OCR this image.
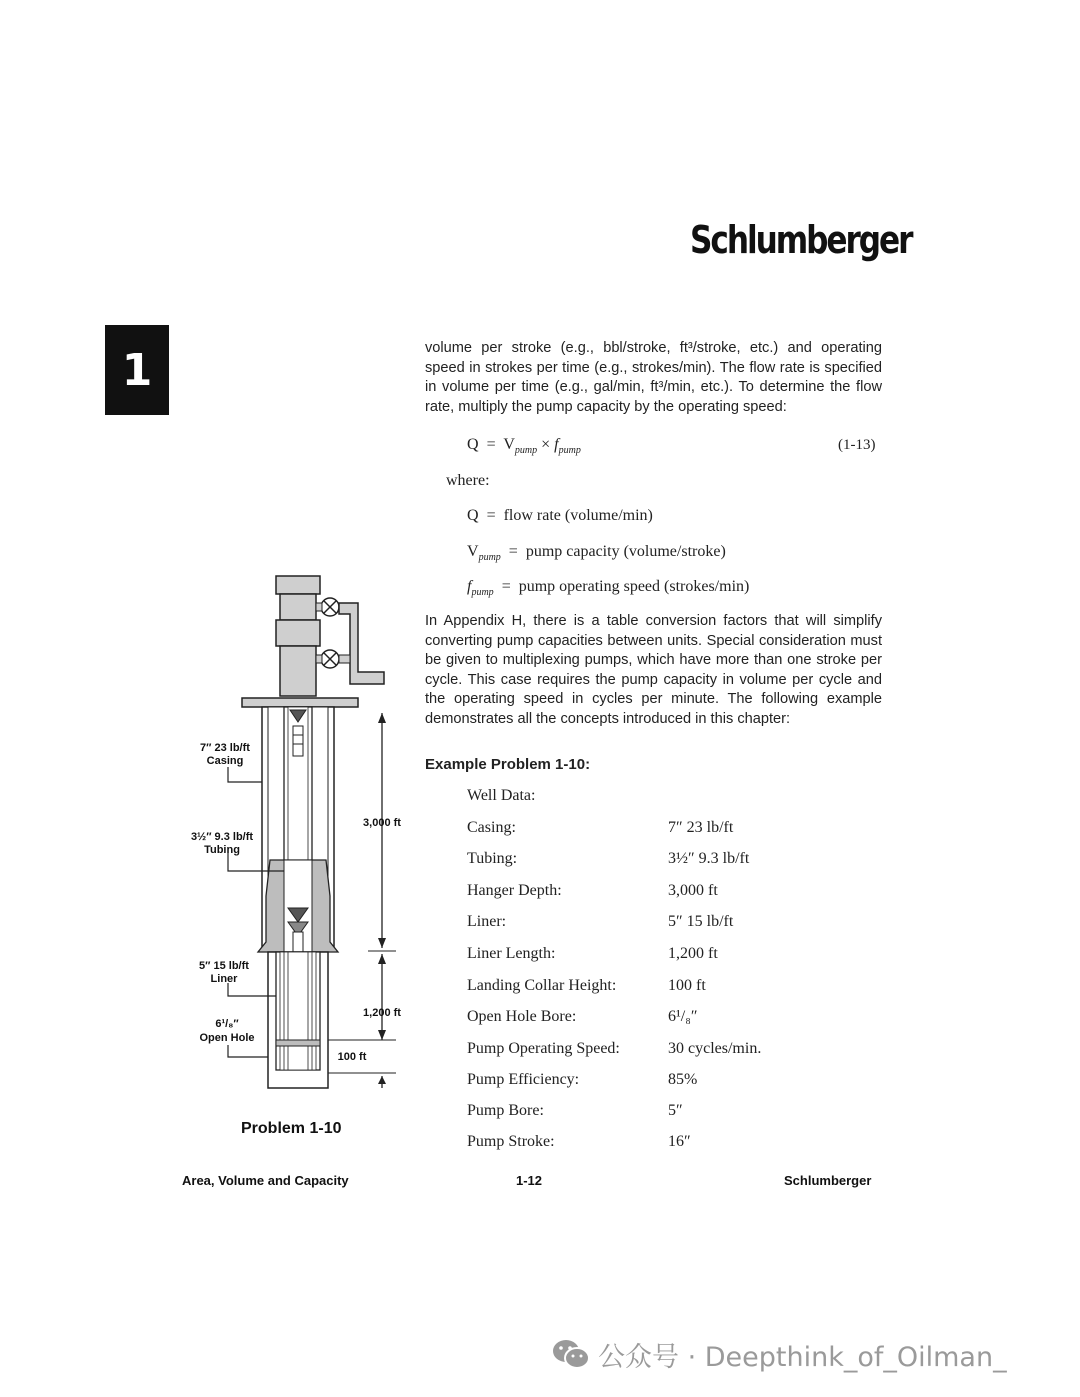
Schlumberger
1	volume per stroke (e.g., bbl/stroke, ft³/stroke, etc.) and operating speed in strokes per time (e.g., strokes/min). The flow rate is specified in volume per time (e.g., gal/min, ft³/min, etc.). To determine the flow rate, multiply the pump capacity by the operating speed:

$Q = V_{pump} \times f_{pump}$	(1-13)
where:
Q  =  flow rate (volume/min)
$V_{pump}$  =  pump capacity (volume/stroke)
$f_{pump}$  =  pump operating speed (strokes/min)

In Appendix H, there is a table conversion factors that will simplify converting pump capacities between units. Special consideration must be given to multiplexing pumps, which have more than one stroke per cycle. This case requires the pump capacity in volume per cycle and the operating speed in cycles per minute. The following example demonstrates all the concepts introduced in this chapter:

Example Problem 1-10:
Well Data:
Casing:	7″ 23 lb/ft
Tubing:	3½″ 9.3 lb/ft
Hanger Depth:	3,000 ft
Liner:	5″ 15 lb/ft
Liner Length:	1,200 ft
Landing Collar Height:	100 ft
Open Hole Bore:	6¹/₈″
Pump Operating Speed:	30 cycles/min.
Pump Efficiency:	85%
Pump Bore:	5″
Pump Stroke:	16″
7″ 23 lb/ft
Casing
3½″ 9.3 lb/ft
Tubing
5″ 15 lb/ft
Liner
6¹/₈″
Open Hole
3,000 ft
1,200 ft
100 ft
Problem 1-10
Area, Volume and Capacity	1-12	Schlumberger
公众号 · Deepthink_of_Oilman_
